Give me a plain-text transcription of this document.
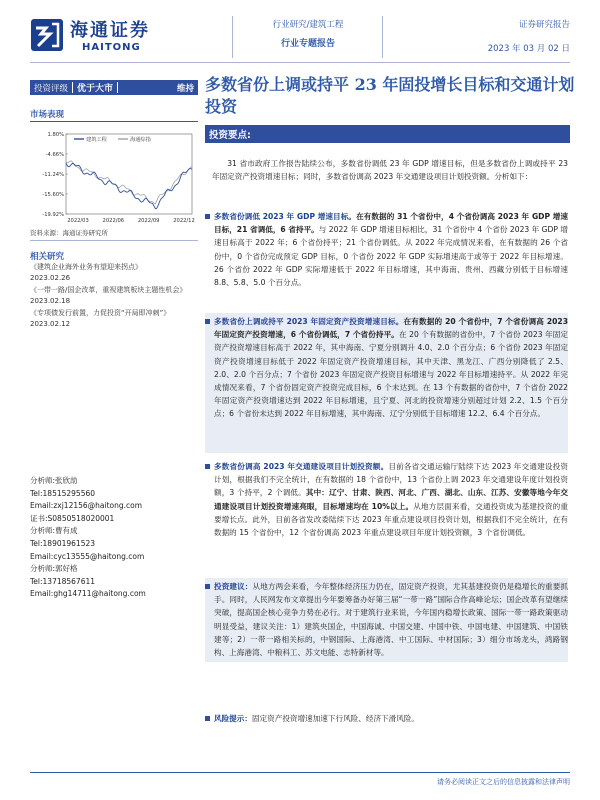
海通证券
HAITONG
行业研究/建筑工程
行业专题报告
证券研究报告
2023 年 03 月 02 日
投资评级	优于大市	维持 多数省份上调或持平 23 年固投增长目标和交通计划投资
市场表现
1.80%
-4.66%
-11.24%
-15.60%
-19.92%
2022/03	2022/06	2022/09	2022/12
建筑工程	海通综指
资料来源：海通证券研究所
相关研究
《建筑企业海外业务有望迎来拐点》
2023.02.26
《一带一路/国企改革，重视建筑板块主题性机会》
2023.02.18
《专项债发行前置，力促投资“开局即冲刺”》
2023.02.12
分析师:张欣劼
Tel:18515295560
Email:zxj12156@haitong.com
证书:S0850518020001
分析师:曹有成
Tel:18901961523
Email:cyc13555@haitong.com
分析师:郭好格
Tel:13718567611
Email:ghg14711@haitong.com
投资要点:
31 省市政府工作报告陆续公布，多数省份调低 23 年 GDP 增速目标，但是多数省份上调或持平 23 年固定资产投资增速目标；同时，多数省份调高 2023 年交通建设项目计划投资额。分析如下：
多数省份调低 2023 年 GDP 增速目标。在有数据的 31 个省份中，4 个省份调高 2023 年 GDP 增速目标，21 省调低，6 省持平。与 2022 年 GDP 增速目标相比，31 个省份中 4 个省份 2023 年 GDP 增速目标高于 2022 年；6 个省份持平；21 个省份调低。从 2022 年完成情况来看，在有数据的 26 个省份中，0 个省份完成预定 GDP 目标，0 个省份 2022 年 GDP 实际增速高于或等于 2022 年目标增速。26 个省份 2022 年 GDP 实际增速低于 2022 年目标增速，其中海南、贵州、西藏分别低于目标增速 8.8、5.8、5.0 个百分点。
多数省份上调或持平 2023 年固定资产投资增速目标。在有数据的 20 个省份中，7 个省份调高 2023 年固定资产投资增速，6 个省份调低，7 个省份持平。在 20 个有数据的省份中，7 个省份 2023 年固定资产投资增速目标高于 2022 年，其中海南、宁夏分别调升 4.0、2.0 个百分点；6 个省份 2023 年固定资产投资增速目标低于 2022 年固定资产投资增速目标，其中天津、黑龙江、广西分别降低了 2.5、2.0、2.0 个百分点；7 个省份 2023 年固定资产投资目标增速与 2022 年目标增速持平。从 2022 年完成情况来看，7 个省份固定资产投资完成目标，6 个未达到。在 13 个有数据的省份中，7 个省份 2022 年固定资产投资增速达到 2022 年目标增速，且宁夏、河北的投资增速分别超过计划 2.2、1.5 个百分点；6 个省份未达到 2022 年目标增速，其中海南、辽宁分别低于目标增速 12.2、6.4 个百分点。
多数省份调高 2023 年交通建设项目计划投资额。目前各省交通运输厅陆续下达 2023 年交通建设投资计划，根据我们不完全统计，在有数据的 18 个省份中，13 个省份上调 2023 年交通建设年度计划投资额，3 个持平，2 个调低。其中：辽宁、甘肃、陕西、河北、广西、湖北、山东、江苏、安徽等地今年交通建设项目计划投资增速亮眼，目标增速均在 10%以上。从地方层面来看，交通投资成为基建投资的重要增长点。此外，目前各省发改委陆续下达 2023 年重点建设项目投资计划，根据我们不完全统计，在有数据的 15 个省份中，12 个省份调高 2023 年重点建设项目年度计划投资额，3 个省份调低。
投资建议：从地方两会来看，今年整体经济压力仍在，固定资产投资，尤其基建投资仍是稳增长的重要抓手。同时，人民网发布文章提出今年要筹备办好第三届“一带一路”国际合作高峰论坛；国企改革有望继续突破，提高国企核心竞争力势在必行。对于建筑行业来说，今年国内稳增长政策、国际一带一路政策驱动明显受益，建议关注：1）建筑央国企，中国海诚、中国交建、中国中铁、中国电建、中国建筑、中国铁建等；2）一带一路相关标的，中钢国际、上海港湾、中工国际、中材国际；3）细分市场龙头，鸿路钢构、上海港湾、中粮科工、苏文电能、志特新材等。
风险提示：固定资产投资增速加速下行风险、经济下滑风险。
请务必阅读正文之后的信息披露和法律声明
